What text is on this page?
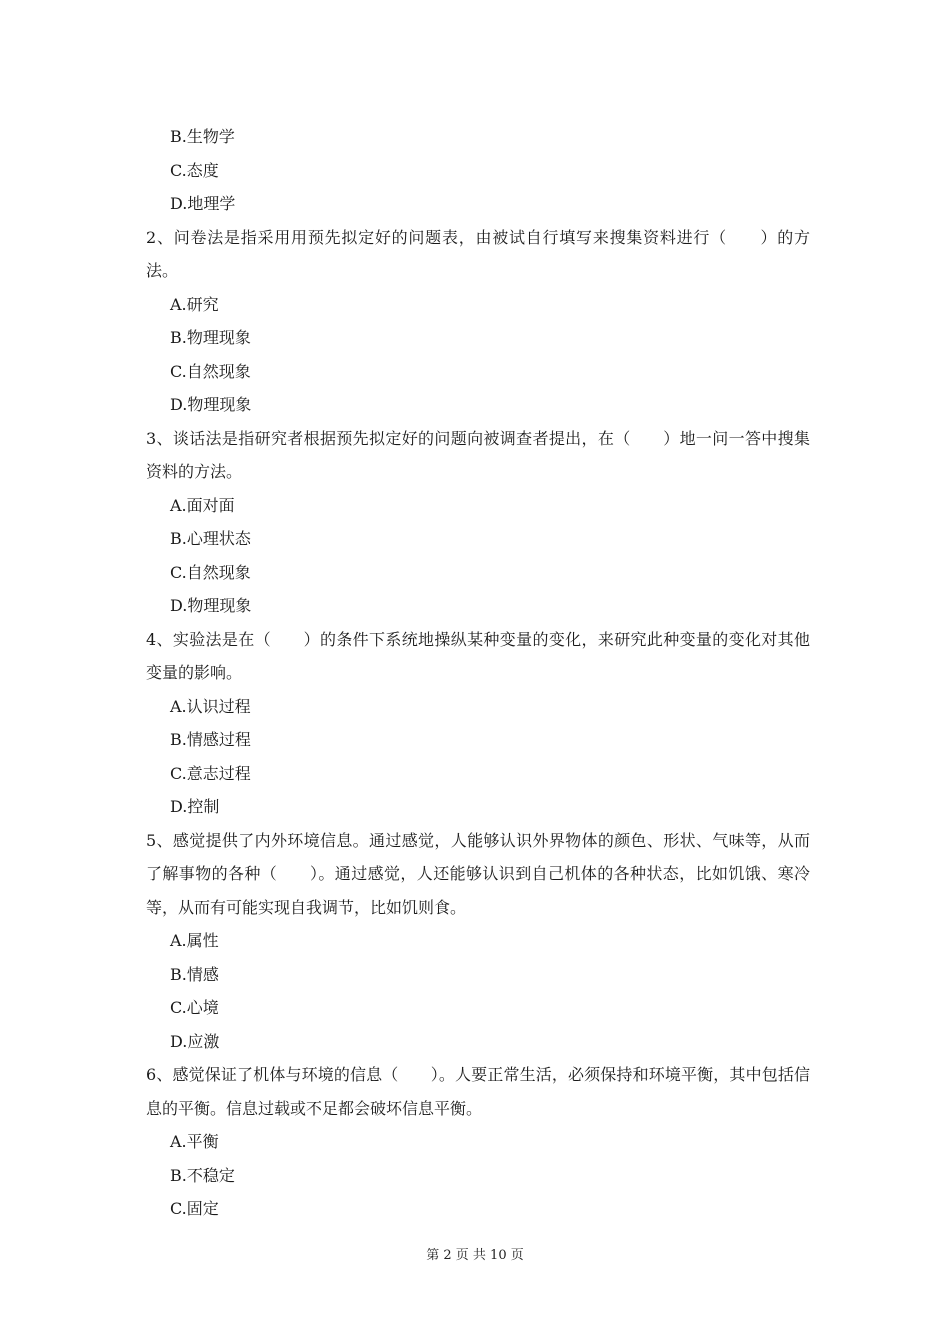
B.生物学

C.态度

D.地理学

2、问卷法是指采用用预先拟定好的问题表，由被试自行填写来搜集资料进行（　　）的方法。

A.研究

B.物理现象

C.自然现象

D.物理现象

3、谈话法是指研究者根据预先拟定好的问题向被调查者提出，在（　　）地一问一答中搜集资料的方法。

A.面对面

B.心理状态

C.自然现象

D.物理现象

4、实验法是在（　　）的条件下系统地操纵某种变量的变化，来研究此种变量的变化对其他变量的影响。

A.认识过程

B.情感过程

C.意志过程

D.控制

5、感觉提供了内外环境信息。通过感觉，人能够认识外界物体的颜色、形状、气味等，从而了解事物的各种（　　）。通过感觉，人还能够认识到自己机体的各种状态，比如饥饿、寒冷等，从而有可能实现自我调节，比如饥则食。

A.属性

B.情感

C.心境

D.应激

6、感觉保证了机体与环境的信息（　　）。人要正常生活，必须保持和环境平衡，其中包括信息的平衡。信息过载或不足都会破坏信息平衡。

A.平衡

B.不稳定

C.固定

第 2 页 共 10 页
